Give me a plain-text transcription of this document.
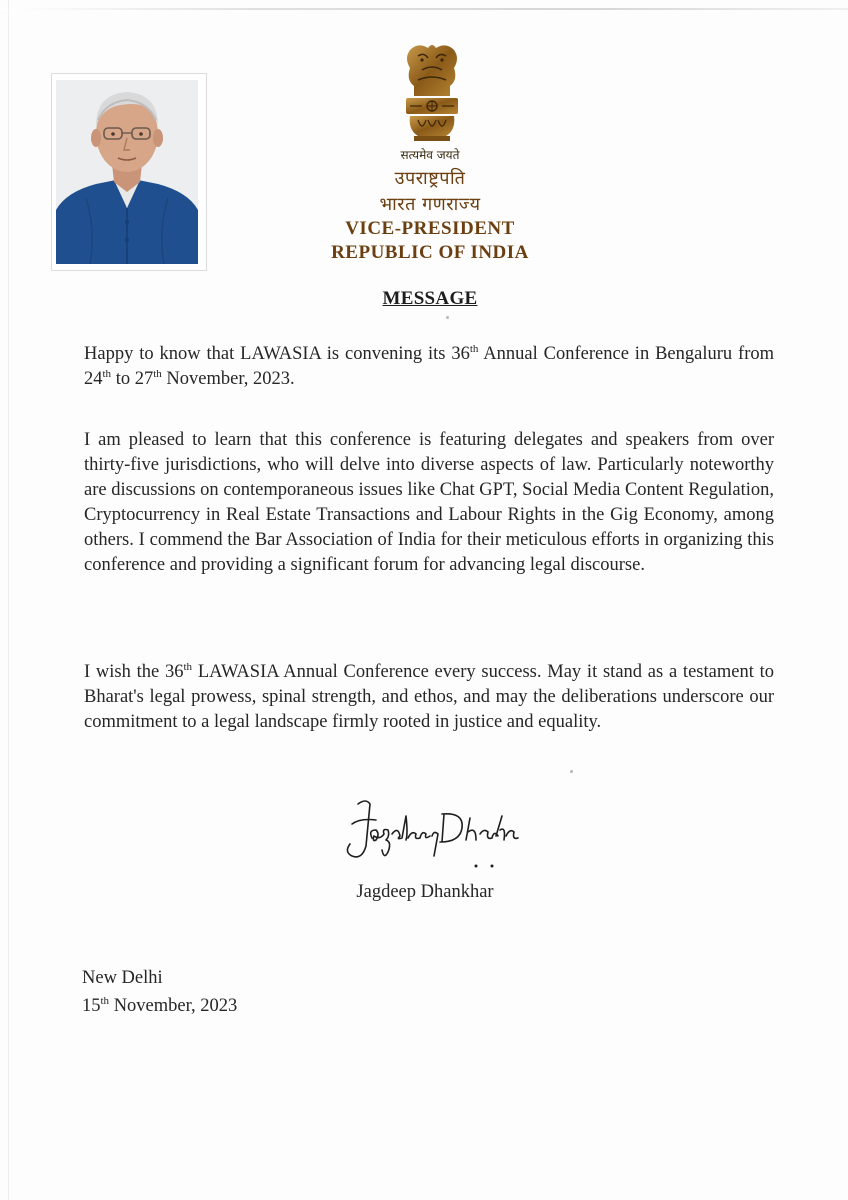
सत्यमेव जयते
उपराष्ट्रपति
भारत गणराज्य
VICE-PRESIDENT
REPUBLIC OF INDIA
MESSAGE
Happy to know that LAWASIA is convening its 36th Annual Conference in Bengaluru from 24th to 27th November, 2023.
I am pleased to learn that this conference is featuring delegates and speakers from over thirty-five jurisdictions, who will delve into diverse aspects of law. Particularly noteworthy are discussions on contemporaneous issues like Chat GPT, Social Media Content Regulation, Cryptocurrency in Real Estate Transactions and Labour Rights in the Gig Economy, among others. I commend the Bar Association of India for their meticulous efforts in organizing this conference and providing a significant forum for advancing legal discourse.
I wish the 36th LAWASIA Annual Conference every success. May it stand as a testament to Bharat's legal prowess, spinal strength, and ethos, and may the deliberations underscore our commitment to a legal landscape firmly rooted in justice and equality.
Jagdeep Dhankhar
New Delhi
15th November, 2023
